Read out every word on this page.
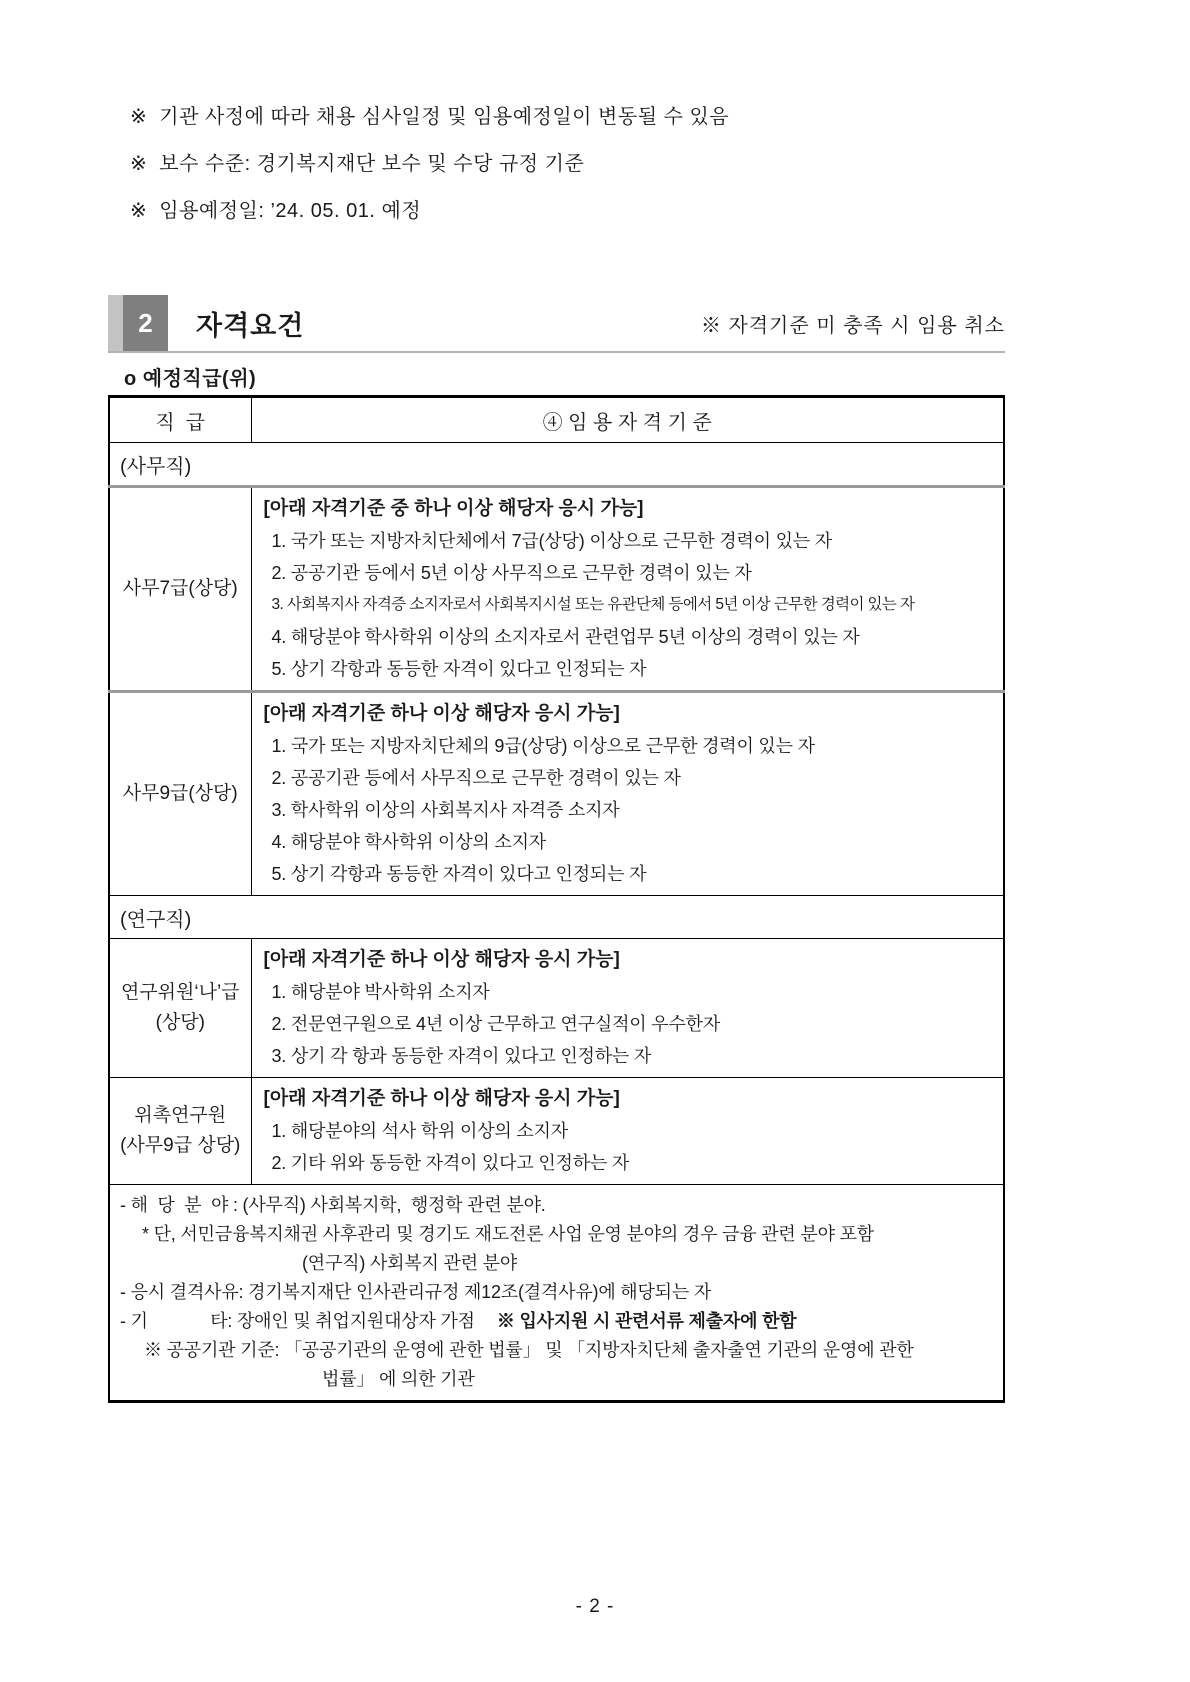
※ 기관 사정에 따라 채용 심사일정 및 임용예정일이 변동될 수 있음
※ 보수 수준: 경기복지재단 보수 및 수당 규정 기준
※ 임용예정일: ’24. 05. 01. 예정
2	자격요건	※ 자격기준 미 충족 시 임용 취소
o 예정직급(위)
직  급	④ 임 용 자 격 기 준
(사무직)	

사무7급(상당)

[아래 자격기준 중 하나 이상 해당자 응시 가능]
1. 국가 또는 지방자치단체에서 7급(상당) 이상으로 근무한 경력이 있는 자
2. 공공기관 등에서 5년 이상 사무직으로 근무한 경력이 있는 자
3. 사회복지사 자격증 소지자로서 사회복지시설 또는 유관단체 등에서 5년 이상 근무한 경력이 있는 자
4. 해당분야 학사학위 이상의 소지자로서 관련업무 5년 이상의 경력이 있는 자
5. 상기 각항과 동등한 자격이 있다고 인정되는 자

사무9급(상당)

[아래 자격기준 하나 이상 해당자 응시 가능]
1. 국가 또는 지방자치단체의 9급(상당) 이상으로 근무한 경력이 있는 자
2. 공공기관 등에서 사무직으로 근무한 경력이 있는 자
3. 학사학위 이상의 사회복지사 자격증 소지자
4. 해당분야 학사학위 이상의 소지자
5. 상기 각항과 동등한 자격이 있다고 인정되는 자

(연구직)	

연구위원‘나’급
(상당)

[아래 자격기준 하나 이상 해당자 응시 가능]
1. 해당분야 박사학위 소지자
2. 전문연구원으로 4년 이상 근무하고 연구실적이 우수한자
3. 상기 각 항과 동등한 자격이 있다고 인정하는 자

위촉연구원
(사무9급 상당)

[아래 자격기준 하나 이상 해당자 응시 가능]
1. 해당분야의 석사 학위 이상의 소지자
2. 기타 위와 동등한 자격이 있다고 인정하는 자

- 해  당  분  야 : (사무직) 사회복지학,  행정학 관련 분야.
* 단, 서민금융복지채권 사후관리 및 경기도 재도전론 사업 운영 분야의 경우 금융 관련 분야 포함
(연구직) 사회복지 관련 분야
- 응시 결격사유: 경기복지재단 인사관리규정 제12조(결격사유)에 해당되는 자
- 기             타: 장애인 및 취업지원대상자 가점 ※ 입사지원 시 관련서류 제출자에 한함
※ 공공기관 기준: 「공공기관의 운영에 관한 법률」 및 「지방자치단체 출자출연 기관의 운영에 관한
법률」 에 의한 기관
- 2 -
